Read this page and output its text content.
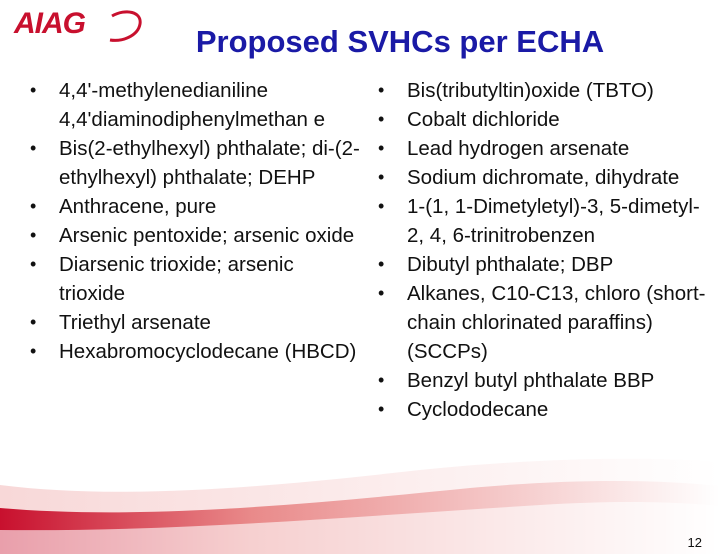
AIAG
Proposed SVHCs per ECHA
•	4,4'-methylenedianiline 4,4'diaminodiphenylmethan e
•	Bis(2-ethylhexyl) phthalate; di-(2-ethylhexyl) phthalate; DEHP
•	Anthracene, pure
•	Arsenic pentoxide; arsenic oxide
•	Diarsenic trioxide; arsenic trioxide
•	Triethyl arsenate
•	Hexabromocyclodecane (HBCD)
•	Bis(tributyltin)oxide (TBTO)
•	Cobalt dichloride
•	Lead hydrogen arsenate
•	Sodium dichromate, dihydrate
•	1-(1, 1-Dimetyletyl)-3, 5-dimetyl-2, 4, 6-trinitrobenzen
•	Dibutyl phthalate; DBP
•	Alkanes, C10-C13, chloro (short-chain chlorinated paraffins) (SCCPs)
•	Benzyl butyl phthalate BBP
•	Cyclododecane
12
